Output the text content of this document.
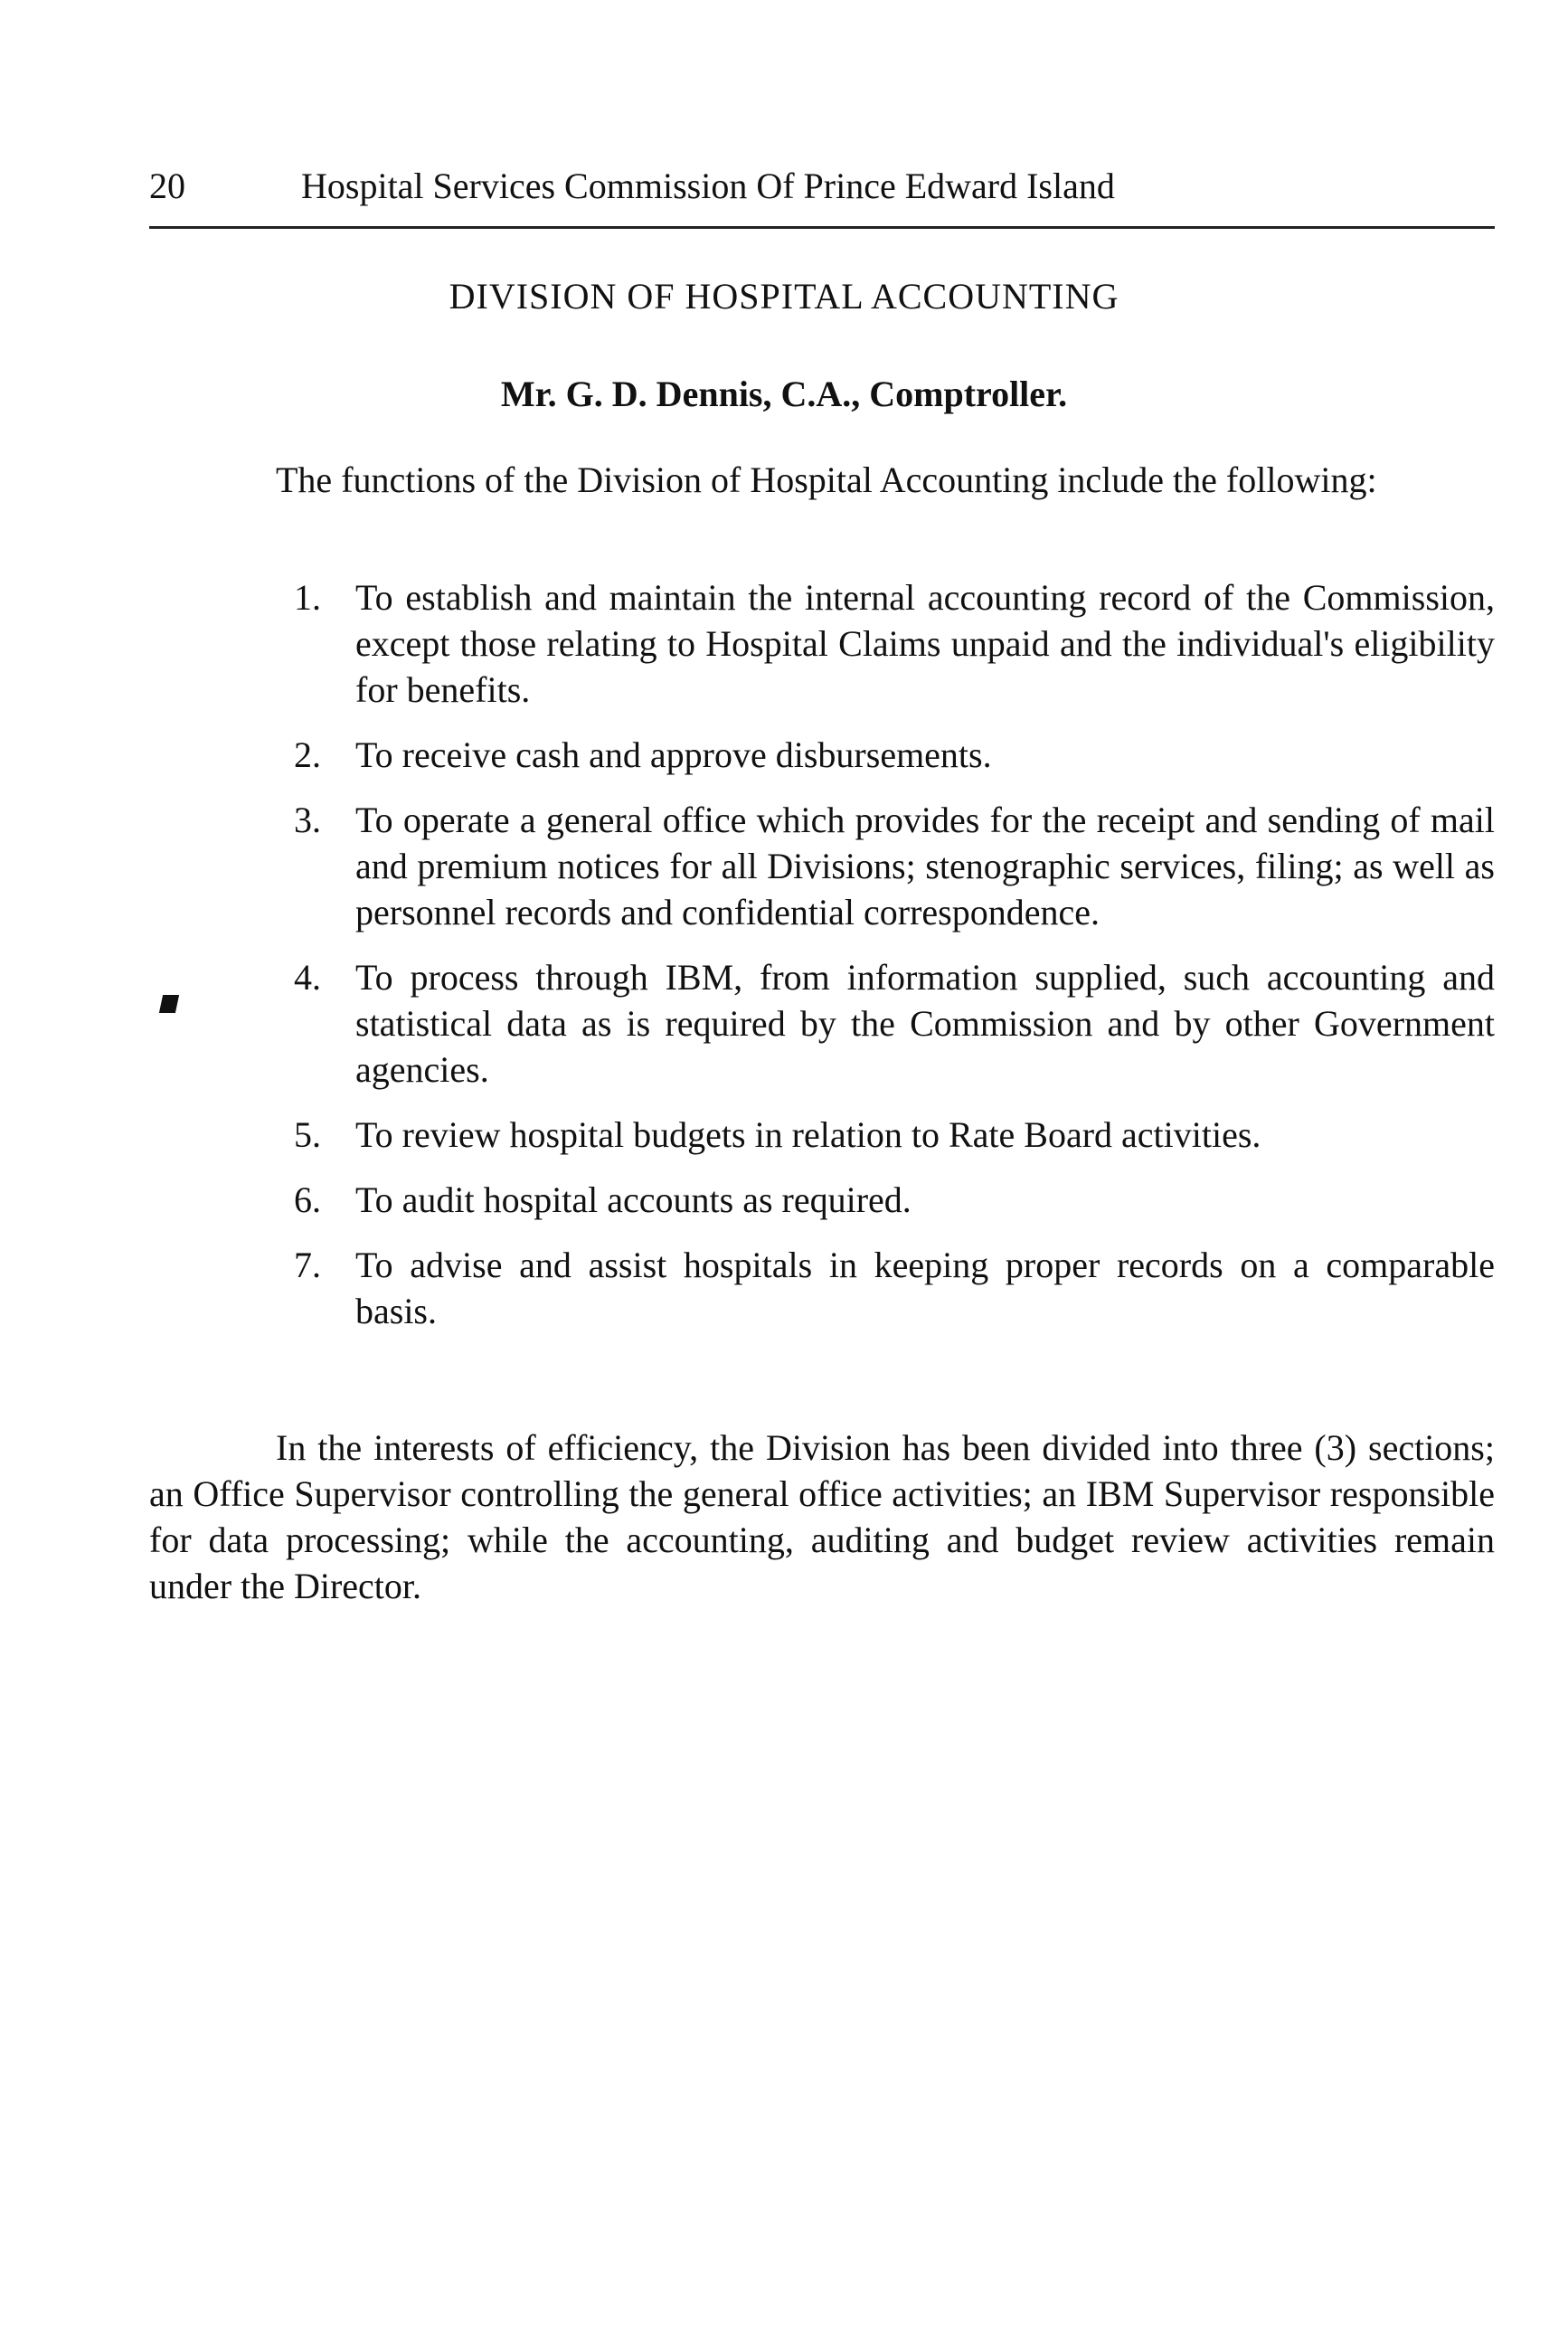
20	Hospital Services Commission Of Prince Edward Island
DIVISION OF HOSPITAL ACCOUNTING
Mr. G. D. Dennis, C.A., Comptroller.

The functions of the Division of Hospital Accounting include the following:

1. To establish and maintain the internal accounting record of the Commission, except those relating to Hospital Claims unpaid and the individual's eligibility for benefits.
2. To receive cash and approve disbursements.
3. To operate a general office which provides for the receipt and sending of mail and premium notices for all Divisions; stenographic services, filing; as well as personnel records and confidential correspondence.
4. To process through IBM, from information supplied, such accounting and statistical data as is required by the Commission and by other Government agencies.
5. To review hospital budgets in relation to Rate Board activities.
6. To audit hospital accounts as required.
7. To advise and assist hospitals in keeping proper records on a comparable basis.

In the interests of efficiency, the Division has been divided into three (3) sections; an Office Supervisor controlling the general office activities; an IBM Supervisor responsible for data processing; while the accounting, auditing and budget review activities remain under the Director.
